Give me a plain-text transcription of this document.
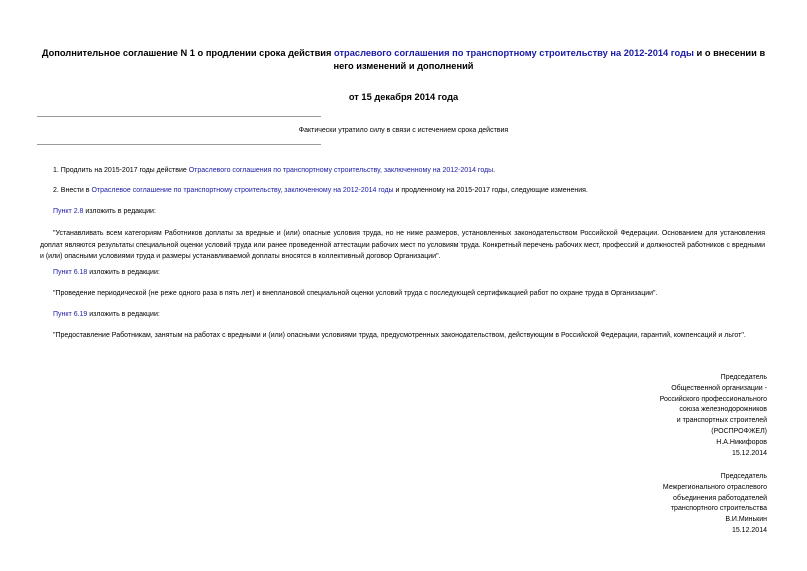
Дополнительное соглашение N 1 о продлении срока действия отраслевого соглашения по транспортному строительству на 2012-2014 годы и о внесении в него изменений и дополнений
от 15 декабря 2014 года
Фактически утратило силу в связи с истечением срока действия
1. Продлить на 2015-2017 годы действие Отраслевого соглашения по транспортному строительству, заключенному на 2012-2014 годы.
2. Внести в Отраслевое соглашение по транспортному строительству, заключенному на 2012-2014 годы и продленному на 2015-2017 годы, следующие изменения.
Пункт 2.8 изложить в редакции:
"Устанавливать всем категориям Работников доплаты за вредные и (или) опасные условия труда, но не ниже размеров, установленных законодательством Российской Федерации. Основанием для установления доплат являются результаты специальной оценки условий труда или ранее проведенной аттестации рабочих мест по условиям труда. Конкретный перечень рабочих мест, профессий и должностей работников с вредными и (или) опасными условиями труда и размеры устанавливаемой доплаты вносятся в коллективный договор Организации".
Пункт 6.18 изложить в редакции:
"Проведение периодической (не реже одного раза в пять лет) и внеплановой специальной оценки условий труда с последующей сертификацией работ по охране труда в Организации".
Пункт 6.19 изложить в редакции:
"Предоставление Работникам, занятым на работах с вредными и (или) опасными условиями труда, предусмотренных законодательством, действующим в Российской Федерации, гарантий, компенсаций и льгот".
Председатель
Общественной организации -
Российского профессионального
союза железнодорожников
и транспортных строителей
(РОСПРОФЖЕЛ)
Н.А.Никифоров
15.12.2014
Председатель
Межрегионального отраслевого
объединения работодателей
транспортного строительства
В.И.Минькин
15.12.2014
